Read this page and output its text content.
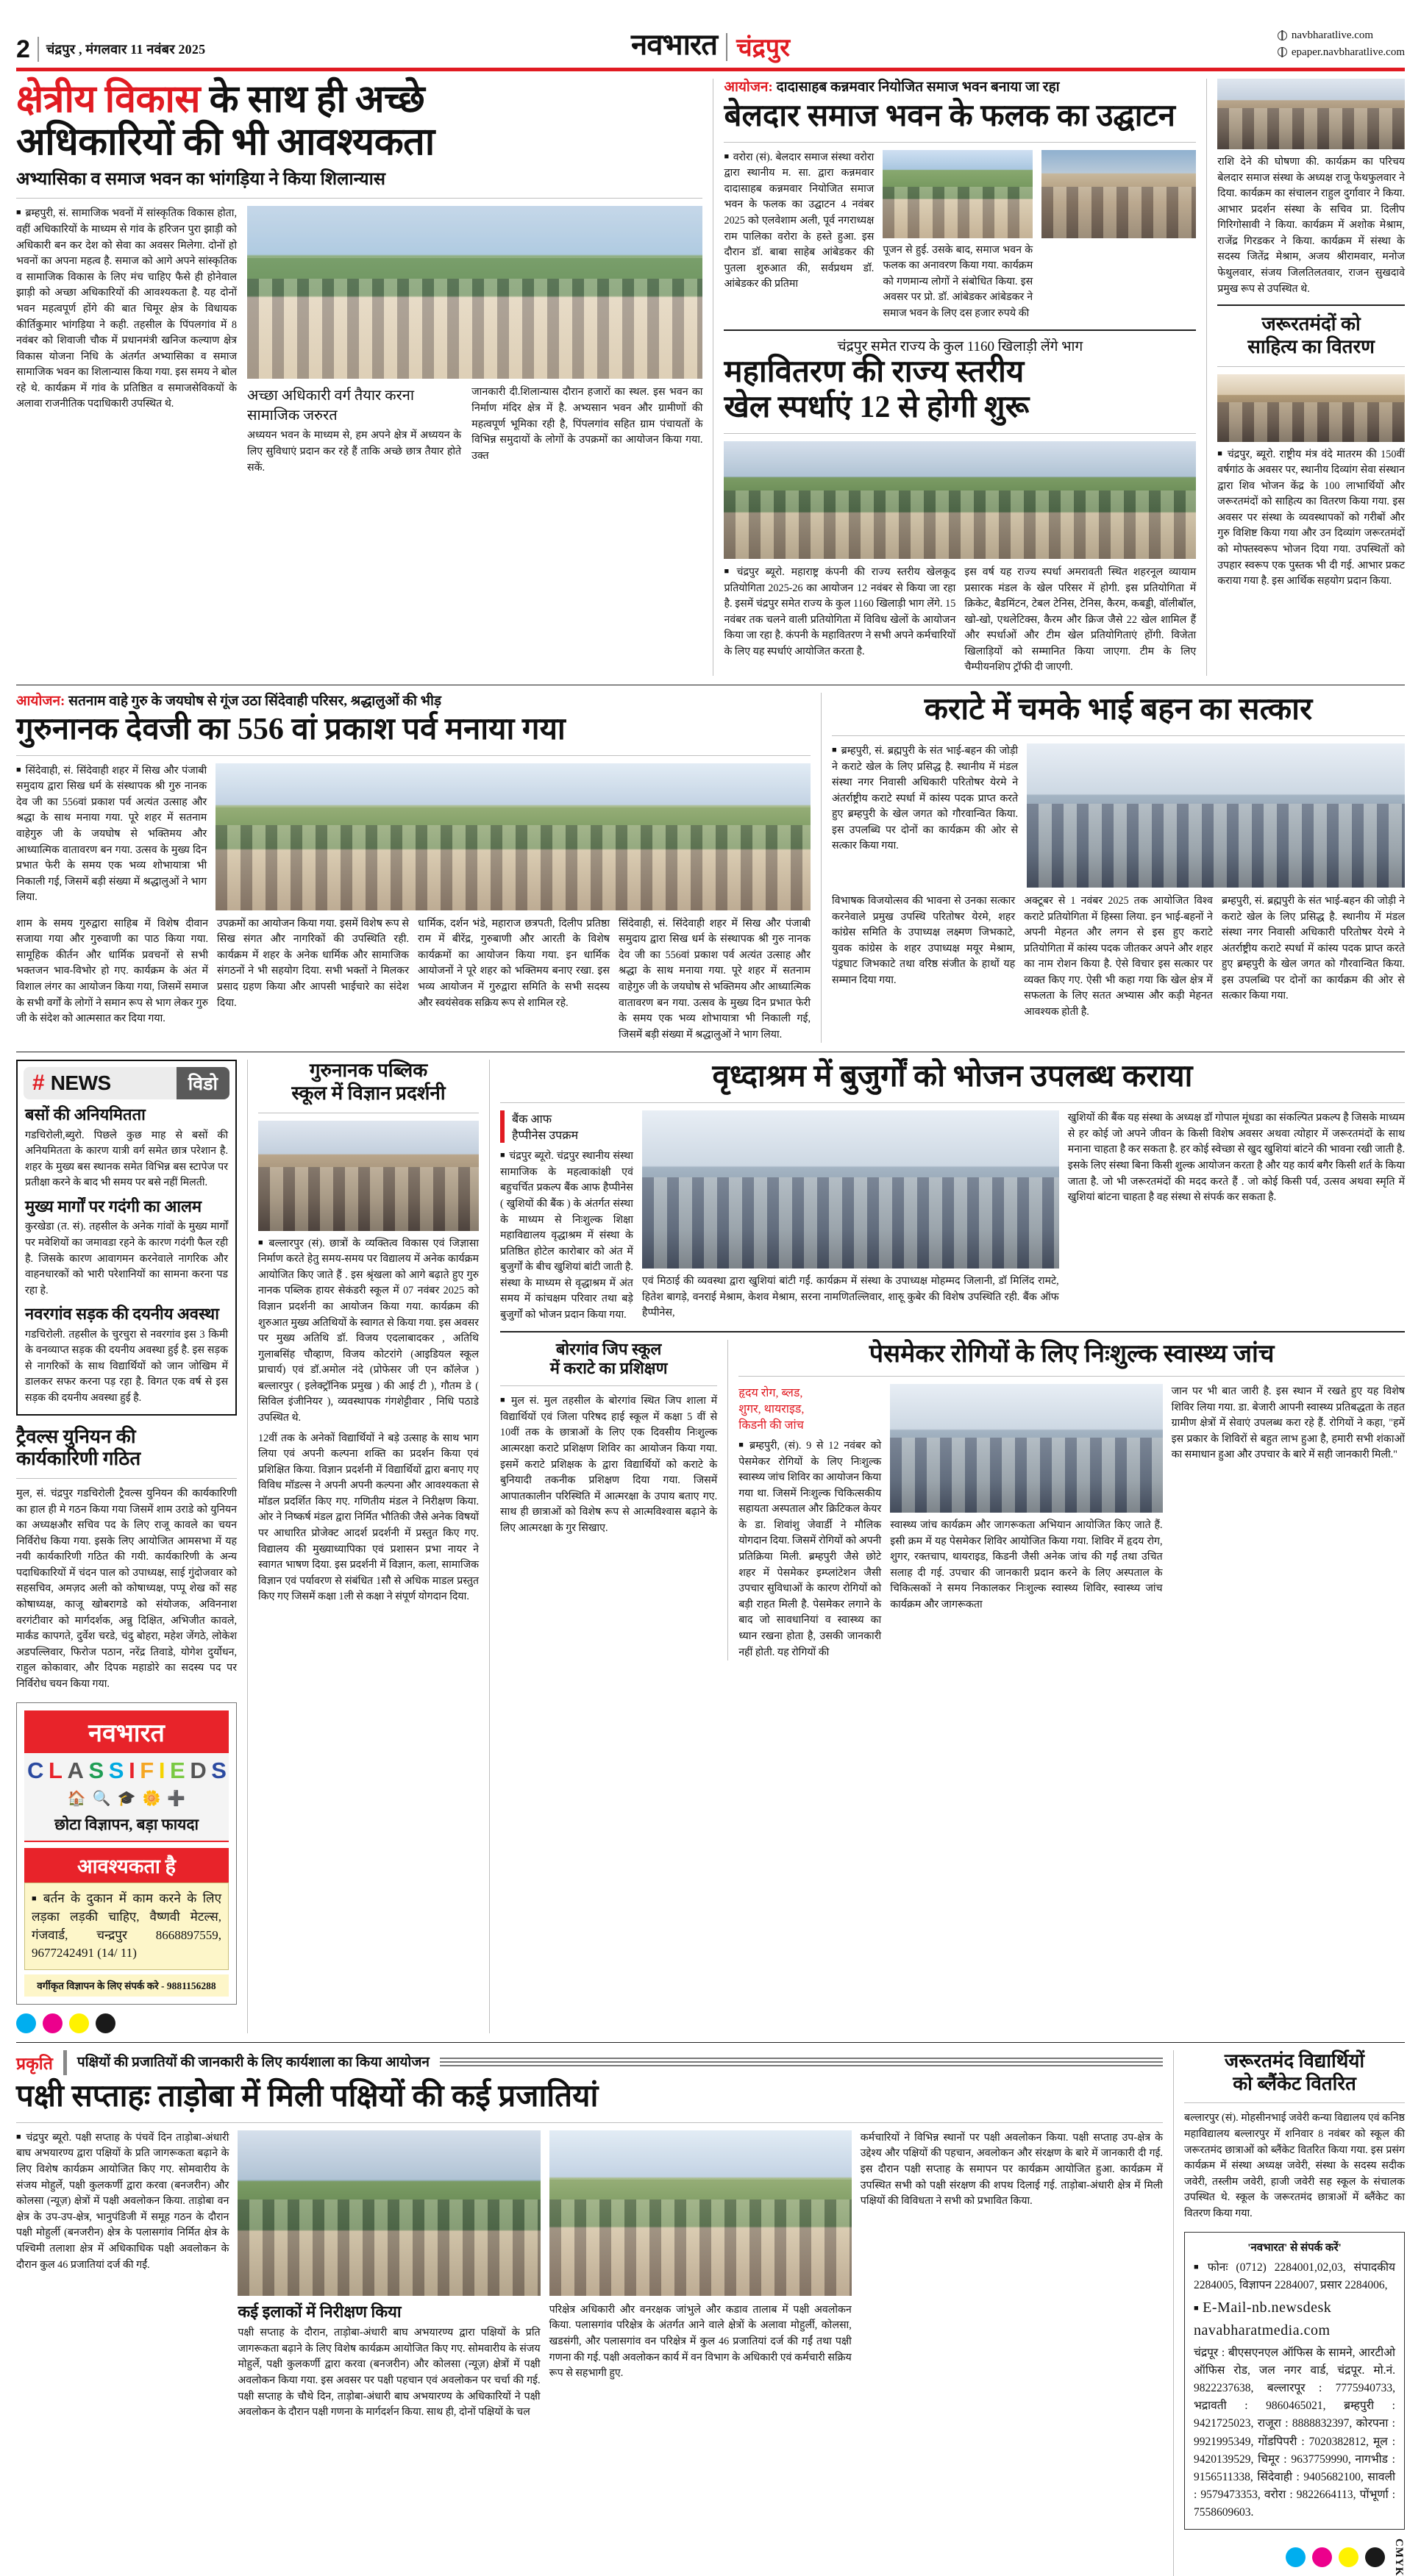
2 चंद्रपुर , मंगलवार 11 नवंबर 2025	नवभारत चंद्रपुर	navbharatlive.com
epaper.navbharatlive.com
क्षेत्रीय विकास के साथ ही अच्छे
अधिकारियों की भी आवश्यकता
अभ्यासिका व समाज भवन का भांगड़िया ने किया शिलान्यास

■ ब्रम्हपुरी, सं. सामाजिक भवनों में सांस्कृतिक विकास होता, वहीं अधिकारियों के माध्यम से गांव के हरिजन पुरा झाड़ी को अधिकारी बन कर देश को सेवा का अवसर मिलेगा. दोनों हो भवनों का अपना महत्व है. समाज को आगे अपने सांस्कृतिक व सामाजिक विकास के लिए मंच चाहिए फैसे ही होनेवाल झाड़ी को अच्छा अधिकारियों की आवश्यकता है. यह दोनों भवन महत्वपूर्ण होंगे की बात चिमूर क्षेत्र के विधायक कीर्तिकुमार भांगड़िया ने कही. तहसील के पिंपलगांव में 8 नवंबर को शिवाजी चौक में प्रधानमंत्री खनिज कल्याण क्षेत्र विकास योजना निधि के अंतर्गत अभ्यासिका व समाज सामाजिक भवन का शिलान्यास किया गया. इस समय ने बोल रहे थे. कार्यक्रम में गांव के प्रतिष्ठित व समाजसेविकयों के अलावा राजनीतिक पदाधिकारी उपस्थित थे.	अच्छा अधिकारी वर्ग तैयार करना सामाजिक जरुरत

अध्ययन भवन के माध्यम से, हम अपने क्षेत्र में अध्ययन के लिए सुविधाएं प्रदान कर रहे हैं ताकि अच्छे छात्र तैयार होते सकें.

जानकारी दी.शिलान्यास दौरान हजारों का स्थल. इस भवन का निर्माण मंदिर क्षेत्र में है. अभ्यसान भवन और ग्रामीणों की महत्वपूर्ण भूमिका रही है, पिंपलगांव सहित ग्राम पंचायतों के विभिन्न समुदायों के लोगों के उपक्रमों का आयोजन किया गया. उक्त

आयोजन: दादासाहब कन्नमवार नियोजित समाज भवन बनाया जा रहा
बेलदार समाज भवन के फलक का उद्घाटन

■ वरोरा (सं). बेलदार समाज संस्था वरोरा द्वारा स्थानीय म. सा. द्वारा कन्नमवार दादासाहब कन्नमवार नियोजित समाज भवन के फलक का उद्घाटन 4 नवंबर 2025 को एलवेशाम अली, पूर्व नगराध्यक्ष राम पालिका वरोरा के हस्ते हुआ. इस दौरान डॉ. बाबा साहेब आंबेडकर की पुतला शुरुआत की, सर्वप्रथम डॉ. आंबेडकर की प्रतिमा

पूजन से हुई. उसके बाद, समाज भवन के फलक का अनावरण किया गया. कार्यक्रम को गणमान्य लोगों ने संबोधित किया. इस अवसर पर प्रो. डॉ. आंबेडकर आंबेडकर ने समाज भवन के लिए दस हजार रुपये की

चंद्रपुर समेत राज्य के कुल 1160 खिलाड़ी लेंगे भाग
महावितरण की राज्य स्तरीय
खेल स्पर्धाएं 12 से होगी शुरू

■ चंद्रपुर ब्यूरो. महाराष्ट्र कंपनी की राज्य स्तरीय खेलकूद प्रतियोगिता 2025-26 का आयोजन 12 नवंबर से किया जा रहा है. इसमें चंद्रपुर समेत राज्य के कुल 1160 खिलाड़ी भाग लेंगे. 15 नवंबर तक चलने वाली प्रतियोगिता में विविध खेलों के आयोजन किया जा रहा है. कंपनी के महाव‍ितरण ने सभी अपने कर्मचारियों के लिए यह स्पर्धाएं आयोजित करता है.

इस वर्ष यह राज्य स्पर्धा अमरावती स्थित शहरनूल व्यायाम प्रसारक मंडल के खेल परिसर में होगी. इस प्रतियोगिता में क्रिकेट, बैडमिंटन, टेबल टेनिस, टेनिस, कैरम, कबड्डी, वॉलीबॉल, खो-खो, एथलेटिक्स, कैरम और क्रिज जैसे 22 खेल शामिल हैं और स्पर्धाओं और टीम खेल प्रतियोगिताएं होंगी. विजेता खिलाड़ियों को सम्मानित किया जाएगा. टीम के लिए चैम्पीयनशिप ट्रॉफी दी जाएगी.

राशि देने की घोषणा की. कार्यक्रम का परिचय बेलदार समाज संस्था के अध्यक्ष राजू फेथफुलवार ने दिया. कार्यक्रम का संचालन राहुल दुर्गावार ने किया. आभार प्रदर्शन संस्था के सचिव प्रा. दिलीप गिरिगोसावी ने किया. कार्यक्रम में अशोक मेश्राम, राजेंद्र गिरडकर ने किया. कार्यक्रम में संस्था के सदस्य जितेंद्र मेश्राम, अजय श्रीरामवार, मनोज फेथुलवार, संजय जिलतिलतवार, राजन सुखदावे प्रमुख रूप से उपस्थित थे.

जरूरतमंदों को
साहित्य का वितरण

■ चंद्रपुर, ब्यूरो. राष्ट्रीय मंत्र वंदे मातरम की 150वीं वर्षगांठ के अवसर पर, स्थानीय दिव्यांग सेवा संस्थान द्वारा शिव भोजन केंद्र के 100 लाभार्थियों और जरूरतमंदों को साहित्य का वितरण किया गया. इस अवसर पर संस्था के व्यवस्थापकों को गरीबों और गुरु विशिष्ट किया गया और उन दिव्यांग जरूरतमंदों को मोफ्तस्वरूप भोजन दिया गया. उपस्थितों को उपहार स्वरूप एक पुस्तक भी दी गई. आभार प्रकट कराया गया है. इस आर्थिक सहयोग प्रदान किया.

आयोजन: सतनाम वाहे गुरु के जयघोष से गूंज उठा सिंदेवाही परिसर, श्रद्धालुओं की भीड़
गुरुनानक देवजी का 556 वां प्रकाश पर्व मनाया गया

■ सिंदेवाही, सं. सिंदेवाही शहर में सिख और पंजाबी समुदाय द्वारा सिख धर्म के संस्थापक श्री गुरु नानक देव जी का 556वां प्रकाश पर्व अत्यंत उत्साह और श्रद्धा के साथ मनाया गया. पूरे शहर में सतनाम वाहेगुरु जी के जयघोष से भक्तिमय और आध्यात्मिक वातावरण बन गया. उत्सव के मुख्य दिन प्रभात फेरी के समय एक भव्य शोभायात्रा भी निकाली गई, जिसमें बड़ी संख्या में श्रद्धालुओं ने भाग लिया.

शाम के समय गुरुद्वारा साहिब में विशेष दीवान सजाया गया और गुरुवाणी का पाठ किया गया. सामूहिक कीर्तन और धार्मिक प्रवचनों से सभी भक्तजन भाव-विभोर हो गए. कार्यक्रम के अंत में विशाल लंगर का आयोजन किया गया, जिसमें समाज के सभी वर्गों के लोगों ने समान रूप से भाग लेकर गुरु जी के संदेश को आत्मसात कर दिया गया.

उपक्रमों का आयोजन किया गया. इसमें विशेष रूप से सिख संगत और नागरिकों की उपस्थिति रही. कार्यक्रम में शहर के अनेक धार्मिक और सामाजिक संगठनों ने भी सहयोग दिया. सभी भक्तों ने मिलकर प्रसाद ग्रहण किया और आपसी भाईचारे का संदेश दिया.

धार्मिक, दर्शन भंडे, महाराज छत्रपती, दिलीप प्रतिष्ठा राम में बीरेंद्र, गुरुबाणी और आरती के विशेष कार्यक्रमों का आयोजन किया गया. इन धार्मिक आयोजनों ने पूरे शहर को भक्तिमय बनाए रखा. इस भव्य आयोजन में गुरुद्वारा समिति के सभी सदस्य और स्वयंसेवक सक्रिय रूप से शामिल रहे.

सिंदेवाही, सं. सिंदेवाही शहर में सिख और पंजाबी समुदाय द्वारा सिख धर्म के संस्थापक श्री गुरु नानक देव जी का 556वां प्रकाश पर्व अत्यंत उत्साह और श्रद्धा के साथ मनाया गया. पूरे शहर में सतनाम वाहेगुरु जी के जयघोष से भक्तिमय और आध्यात्मिक वातावरण बन गया. उत्सव के मुख्य दिन प्रभात फेरी के समय एक भव्य शोभायात्रा भी निकाली गई, जिसमें बड़ी संख्या में श्रद्धालुओं ने भाग लिया.

कराटे में चमके भाई बहन का सत्कार

■ ब्रम्हपुरी, सं. ब्रह्मपुरी के संत भाई-बहन की जोड़ी ने कराटे खेल के लिए प्रसिद्ध है. स्थानीय में मंडल संस्था नगर निवासी अधिकारी परितोषर येरमे ने अंतर्राष्ट्रीय कराटे स्पर्धा में कांस्य पदक प्राप्त करते हुए ब्रम्हपुरी के खेल जगत को गौरवान्वित किया. इस उपलब्धि पर दोनों का कार्यक्रम की ओर से सत्कार किया गया.

विभाषक विजयोत्सव की भावना से उनका सत्कार करनेवाले प्रमुख उपस्थि परितोषर येरमे, शहर कांग्रेस समिति के उपाध्यक्ष लक्ष्मण जिभकाटे, युवक कांग्रेस के शहर उपाध्यक्ष मयूर मेश्राम, पंड्रघाट जिभकाटे तथा वरिष्ठ संजीत के हाथों यह सम्मान दिया गया.

अक्टूबर से 1 नवंबर 2025 तक आयोजित विश्व कराटे प्रतियोगिता में हिस्सा लिया. इन भाई-बहनों ने अपनी मेहनत और लगन से इस हुए कराटे प्रतियोगिता में कांस्य पदक जीतकर अपने और शहर का नाम रोशन किया है. ऐसे विचार इस सत्कार पर व्यक्त किए गए. ऐसी भी कहा गया कि खेल क्षेत्र में सफलता के लिए सतत अभ्यास और कड़ी मेहनत आवश्यक होती है.

ब्रम्हपुरी, सं. ब्रह्मपुरी के संत भाई-बहन की जोड़ी ने कराटे खेल के लिए प्रसिद्ध है. स्थानीय में मंडल संस्था नगर निवासी अधिकारी परितोषर येरमे ने अंतर्राष्ट्रीय कराटे स्पर्धा में कांस्य पदक प्राप्त करते हुए ब्रम्हपुरी के खेल जगत को गौरवान्वित किया. इस उपलब्धि पर दोनों का कार्यक्रम की ओर से सत्कार किया गया.

# NEWS	विडो
बसों की अनियमितता

गडचिरोली,ब्युरो. पिछले कुछ माह से बसों की अनियमितता के कारण यात्री वर्ग समेत छात्र परेशान है. शहर के मुख्य बस स्थानक समेत विभिन्न बस स्टापेज पर प्रतीक्षा करने के बाद भी समय पर बसे नहीं मिलती.

मुख्य मार्गों पर गदंगी का आलम

कुरखेडा (त. सं). तहसील के अनेक गांवों के मुख्य मार्गों पर मवेशियों का जमावडा रहने के कारण गदंगी फैल रही है. जिसके कारण आवागमन करनेवाले नागरिक और वाहनधारकों को भारी परेशानियों का सामना करना पड रहा हे.

नवरगांव सड़क की दयनीय अवस्था

गडचिरोली. तहसील के चुरचुरा से नवरगांव इस 3 किमी के वनव्याप्त सड़क की दयनीय अवस्था हुई है. इस सड़क से नागरिकों के साथ विद्यार्थियों को जान जोखिम में डालकर सफर करना पड़ रहा है. विगत एक वर्ष से इस सड़क की दयनीय अवस्था हुई है.

ट्रैवल्स युनियन की
कार्यकारिणी गठित

मुल, सं. चंद्रपुर गडचिरोली ट्रैवल्स युनियन की कार्यकारिणी का हाल ही मे गठन किया गया जिसमें शाम उराडे को युनियन का अध्यक्षऔर सचिव पद के लिए राजू कावले का चयन निर्विरोध किया गया. इसके लिए आयोजित आमसभा में यह नयी कार्यकारिणी गठित की गयी. कार्यकारिणी के अन्य पदाधिकारियों में चंदन पाल को उपाध्यक्ष, साई गुंदोजवार को सहसचिव, अमज़द अली को कोषाध्यक्ष, पप्पू शेख कों सह कोषाध्यक्ष, काजू खोबरागडे को संयोजक, अविननाश वरगंटीवार को मार्गदर्शक, अन्नु दिक्षित, अभिजीत कावले, मार्कंड कापगते, दुर्वेश चरडे, चंदु बोहरा, महेश जेंगठे, लोकेश अडपल्लिवार, फिरोज पठान, नरेंद्र तिवाडे, योगेश दुर्योधन, राहुल कोकावार, और दिपक महाडोरे का सदस्य पद पर निर्विरोध चयन किया गया.

नवभारत
C L A S S I F I E D S
🏠 🔍 🎓 🌼 ➕
छोटा विज्ञापन, बड़ा फायदा
आवश्यकता है
■ बर्तन के दुकान में काम करने के लिए लड़का लड़की चाहिए, वैष्णवी मेटल्स, गंजवार्ड, चन्द्रपुर 8668897559, 9677242491 (14/ 11)
वर्गीकृत विज्ञापन के लिए संपर्क करे - 9881156288
गुरुनानक पब्लिक
स्कूल में विज्ञान प्रदर्शनी

■ बल्लारपुर (सं). छात्रों के व्यक्तित्व विकास एवं जिज्ञासा निर्माण करते हेतु समय-समय पर विद्यालय में अनेक कार्यक्रम आयोजित किए जाते हैं . इस श्रृंखला को आगे बढ़ाते हुए गुरु नानक पब्लिक हायर सेकंडरी स्कूल में 07 नवंबर 2025 को विज्ञान प्रदर्शनी का आयोजन किया गया. कार्यक्रम की शुरुआत मुख्य अतिथियों के स्वागत से किया गया. इस अवसर पर मुख्य अतिथि डॉ. विजय एदलाबादकर , अतिथि गुलाबसिंह चौव्हाण, विजय कोटरांगे (आइडियल स्कूल प्राचार्य) एवं डॉ.अमोल नंदे (प्रोफेसर जी एन कॉलेज ) बल्लारपुर ( इलेक्ट्रॉनिक प्रमुख ) की आई टी ), गौतम डे ( सिविल इंजीनियर ), व्यवस्थापक गंगशेट्टीवार , निधि पठाडे उपस्थित थे.

12वीं तक के अनेकों विद्यार्थियों ने बड़े उत्साह के साथ भाग लिया एवं अपनी कल्पना शक्ति का प्रदर्शन किया एवं प्रशिक्षित किया. विज्ञान प्रदर्शनी में विद्यार्थियों द्वारा बनाए गए विविध मॉडल्स ने अपनी अपनी कल्पना और आवश्यकता से मॉडल प्रदर्शित किए गए. गणितीय मंडल ने निरीक्षण किया. ओर ने निष्कर्ष मंडल द्वारा निर्मित भौतिकी जैसे अनेक विषयों पर आधारित प्रोजेक्ट आदर्श प्रदर्शनी में प्रस्तुत किए गए. विद्यालय की मुख्याध्यापिका एवं प्रशासन प्रभा नायर ने स्वागत भाषण दिया. इस प्रदर्शनी में विज्ञान, कला, सामाजिक विज्ञान एवं पर्यावरण से संबंधित 1सौ से अधिक माडल प्रस्तुत किए गए जिसमें कक्षा 1ली से कक्षा ने संपूर्ण योगदान दिया.

वृध्दाश्रम में बुजुर्गों को भोजन उपलब्ध कराया
बैंक आफ
हैप्पीनेस उपक्रम

■ चंद्रपुर ब्यूरो. चंद्रपुर स्थानीय संस्था सामाजिक के महत्वाकांक्षी एवं बहुचर्चित प्रकल्प बैंक आफ हैप्पीनेस ( खुशियों की बैंक ) के अंतर्गत संस्था के माध्यम से निःशुल्क शिक्षा महाविद्यालय वृद्धाश्रम में संस्था के प्रतिष्ठित होटेल कारोबार को अंत में बुजुर्गों के बीच खुशियां बांटी जाती है. संस्था के माध्यम से वृद्धाश्रम में अंत समय में कांचक्षम परिवार तथा बड़े बुजुर्गों को भोजन प्रदान किया गया.

एवं मिठाई की व्यवस्था द्वारा खुशियां बांटी गईं. कार्यक्रम में संस्था के उपाध्यक्ष मोहम्मद जिलानी, डॉ मिलिंद रामटे, हितेश बागड़े, वनराई मेश्राम, केशव मेश्राम, सरना नामणितल्लिवार, शारुू कुबेर की विशेष उपस्थिति रही. बैंक ऑफ हैप्पीनेस,

खुशियों की बैंक यह संस्था के अध्यक्ष डॉ गोपाल मूंधडा का संकल्पित प्रकल्प है जिसके माध्यम से हर कोई जो अपने जीवन के किसी विशेष अवसर अथवा त्योहार में जरूरतमंदों के साथ मनाना चाहता है कर सकता है. हर कोई स्वेच्छा से खुद खुशियां बांटने की भावना रखी जाती है. इसके लिए संस्था बिना किसी शुल्क आयोजन करता है और यह कार्य बगैर किसी शर्त के किया जाता है. जो भी जरूरतमंदों की मदद करते हैं . जो कोई किसी पर्व, उत्सव अथवा स्मृति में खुशियां बांटना चाहता है वह संस्था से संपर्क कर सकता है.

बोरगांव जिप स्कूल
में कराटे का प्रशिक्षण

■ मुल सं. मुल तहसील के बोरगांव स्थित जिप शाला में विद्यार्थियों एवं जिला परिषद हाई स्कूल में कक्षा 5 वीं से 10वीं तक के छात्राओं के लिए एक दिवसीय निःशुल्क आत्मरक्षा कराटे प्रशिक्षण शिविर का आयोजन किया गया. इसमें कराटे प्रशिक्षक के द्वारा विद्यार्थियों को कराटे के बुनियादी तकनीक प्रशिक्षण दिया गया. जिसमें आपातकालीन परिस्थिति में आत्मरक्षा के उपाय बताए गए. साथ ही छात्राओं को विशेष रूप से आत्मविश्वास बढ़ाने के लिए आत्मरक्षा के गुर सिखाए.

पेसमेकर रोगियों के लिए निःशुल्क स्वास्थ्य जांच
हृदय रोग, ब्लड,
शुगर, थायराइड,
किडनी की जांच

■ ब्रम्हपुरी, (सं). 9 से 12 नवंबर को पेसमेकर रोगियों के लिए निःशुल्क स्वास्थ्य जांच शिविर का आयोजन किया गया था. जिसमें निःशुल्क चिकित्सकीय सहायता अस्पताल और क्रिटिकल केयर के डा. शिवांशु जेवार्डी ने मौलिक योगदान दिया. जिसमें रोगियों को अपनी प्रतिक्रिया मिली. ब्रम्हपुरी जैसे छोटे शहर में पेसमेकर इम्प्लांटेशन जैसी उपचार सुविधाओं के कारण रोगियों को बड़ी राहत मिली है. पेसमेकर लगाने के बाद जो सावधानियां व स्वास्थ्य का ध्यान रखना होता है, उसकी जानकारी नहीं होती. यह रोगियों की

स्वास्थ्य जांच कार्यक्रम और जागरूकता अभियान आयोजित किए जाते हैं. इसी क्रम में यह पेसमेकर शिविर आयोजित किया गया. शिविर में हृदय रोग, शुगर, रक्तचाप, थायराइड, किडनी जैसी अनेक जांच की गईं तथा उचित सलाह दी गई. उपचार की जानकारी प्रदान करने के लिए अस्पताल के चिकित्सकों ने समय निकालकर निःशुल्क स्वास्थ्य शिविर, स्वास्थ्य जांच कार्यक्रम और जागरूकता

जान पर भी बात जारी है. इस स्थान में रखते हुए यह विशेष शिविर लिया गया. डा. बेजारी आपनी स्वास्थ्य प्रतिबद्धता के तहत ग्रामीण क्षेत्रों में सेवाएं उपलब्ध करा रहे हैं. रोगियों ने कहा, "हमें इस प्रकार के शिविरों से बहुत लाभ हुआ है, हमारी सभी शंकाओं का समाधान हुआ और उपचार के बारे में सही जानकारी मिली."

प्रकृति पक्षियों की प्रजातियों की जानकारी के लिए कार्यशाला का किया आयोजन
पक्षी सप्ताहः ताड़ोबा में मिली पक्षियों की कई प्रजातियां

■ चंद्रपुर ब्यूरो. पक्षी सप्ताह के पंचवें दिन ताड़ोबा-अंधारी बाघ अभयारण्य द्वारा पक्षियों के प्रति जागरूकता बढ़ाने के लिए विशेष कार्यक्रम आयोजित किए गए. सोमवारीय के संजय मोहुर्ले, पक्षी कुलकर्णी द्वारा करवा (बनजरीन) और कोलसा (न्यूज़) क्षेत्रों में पक्षी अवलोकन किया. ताड़ोबा वन क्षेत्र के उप-उप-क्षेत्र, भानुपंडिजी में समूह गठन के दौरान पक्षी मोहुर्ली (बनजरीन) क्षेत्र के पलासगांव निर्मित क्षेत्र के पश्चिमी तलाशा क्षेत्र में अधिकाधिक पक्षी अवलोकन के दौरान कुल 46 प्रजातियां दर्ज की गईं.

कर्मचारियों ने विभिन्न स्थानों पर पक्षी अवलोकन किया. पक्षी सप्ताह उप-क्षेत्र के उद्देश्य और पक्षियों की पहचान, अवलोकन और संरक्षण के बारे में जानकारी दी गई. इस दौरान पक्षी सप्ताह के समापन पर कार्यक्रम आयोजित हुआ. कार्यक्रम में उपस्थित सभी को पक्षी संरक्षण की शपथ दिलाई गई. ताड़ोबा-अंधारी क्षेत्र में मिली पक्षियों की विविधता ने सभी को प्रभावित किया.

कई इलाकों में निरीक्षण किया

पक्षी सप्ताह के दौरान, ताड़ोबा-अंधारी बाघ अभयारण्य द्वारा पक्षियों के प्रति जागरूकता बढ़ाने के लिए विशेष कार्यक्रम आयोजित किए गए. सोमवारीय के संजय मोहुर्ले, पक्षी कुलकर्णी द्वारा करवा (बनजरीन) और कोलसा (न्यूज़) क्षेत्रों में पक्षी अवलोकन किया गया. इस अवसर पर पक्षी पहचान एवं अवलोकन पर चर्चा की गई. पक्षी सप्ताह के चौथे दिन, ताड़ोबा-अंधारी बाघ अभयारण्य के अधिकारियों ने पक्षी अवलोकन के दौरान पक्षी गणना के मार्गदर्शन किया. साथ ही, दोनों पक्षियों के चल

परिक्षेत्र अधिकारी और वनरक्षक जांभुले और कडाव तालाब में पक्षी अवलोकन किया. पलासगांव परिक्षेत्र के अंतर्गत आने वाले क्षेत्रों के अलावा मोहुर्ली, कोलसा, खडसंगी, और पलासगांव वन परिक्षेत्र में कुल 46 प्रजातियां दर्ज की गईं तथा पक्षी गणना की गई. पक्षी अवलोकन कार्य में वन विभाग के अधिकारी एवं कर्मचारी सक्रिय रूप से सहभागी हुए.

जरूरतमंद विद्यार्थियों
को ब्लैंकेट वितरित

बल्लारपुर (सं). मोहसीनभाई जवेरी कन्या विद्यालय एवं कनिष्ठ महाविद्यालय बल्लारपुर में शनिवार 8 नवंबर को स्कूल की जरूरतमंद छात्राओं को ब्लैंकेट वितरित किया गया. इस प्रसंग कार्यक्रम में संस्था अध्यक्ष जवेरी, संस्था के सदस्य सदीक जवेरी, तस्लीम जवेरी, हाजी जवेरी सह स्कूल के संचालक उपस्थित थे. स्कूल के जरूरतमंद छात्राओं में ब्लैंकेट का वितरण किया गया.

'नवभारत' से संपर्क करें'
■ फोनः (0712) 2284001,02,03, संपादकीय 2284005, विज्ञापन 2284007, प्रसार 2284006,
■ E-Mail-nb.newsdesk
navabharatmedia.com
चंद्रपूर : बीएसएनएल ऑफिस के सामने, आरटीओ ऑफिस रोड, जल नगर वार्ड, चंद्रपूर. मो.नं. 9822237638, बल्लारपूर : 7775940733, भद्रावती : 9860465021, ब्रम्हपुरी : 9421725023, राजूरा : 8888832397, कोरपना : 9921995349, गोंडपिपरी : 7020382812, मूल : 9420139529, चिमूर : 9637759990, नागभीड : 9156511338, सिंदेवाही : 9405682100, सावली : 9579473353, वरोरा : 9822664113, पोंभूर्णा : 7558609603.
CMYK
